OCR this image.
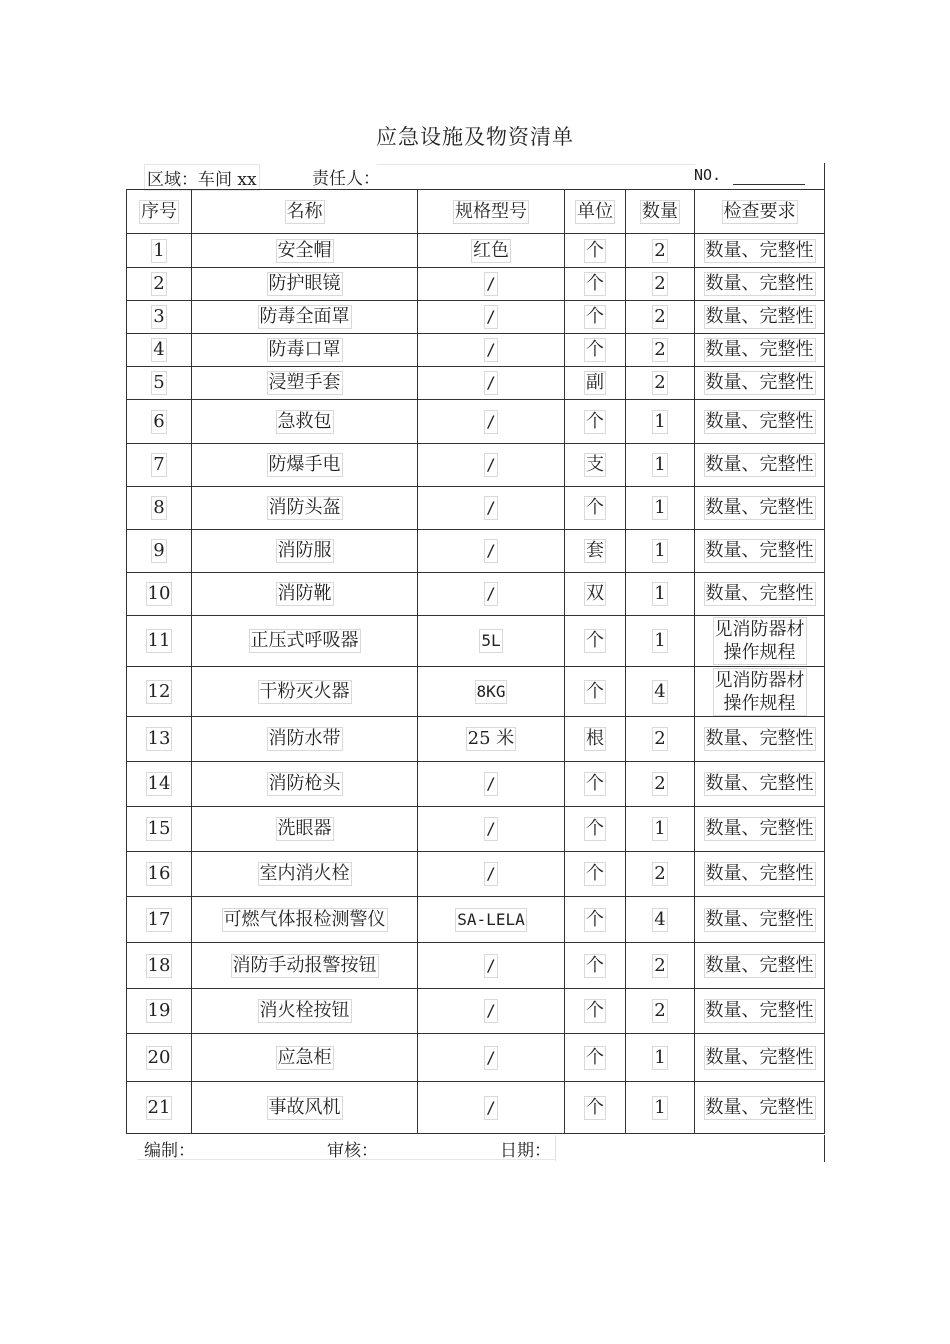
应急设施及物资清单
区域：车间 xx	责任人：	NO.
序号	名称	规格型号	单位	数量	检查要求
1	安全帽	红色	个	2	数量、完整性
2	防护眼镜	/	个	2	数量、完整性
3	防毒全面罩	/	个	2	数量、完整性
4	防毒口罩	/	个	2	数量、完整性
5	浸塑手套	/	副	2	数量、完整性
6	急救包	/	个	1	数量、完整性
7	防爆手电	/	支	1	数量、完整性
8	消防头盔	/	个	1	数量、完整性
9	消防服	/	套	1	数量、完整性
10	消防靴	/	双	1	数量、完整性
11	正压式呼吸器	5L	个	1	见消防器材
操作规程

12	干粉灭火器	8KG	个	4	见消防器材
操作规程

13	消防水带	25 米	根	2	数量、完整性
14	消防枪头	/	个	2	数量、完整性
15	洗眼器	/	个	1	数量、完整性
16	室内消火栓	/	个	2	数量、完整性
17	可燃气体报检测警仪	SA-LELA	个	4	数量、完整性
18	消防手动报警按钮	/	个	2	数量、完整性
19	消火栓按钮	/	个	2	数量、完整性
20	应急柜	/	个	1	数量、完整性
21	事故风机	/	个	1	数量、完整性
编制：	审核：	日期：
